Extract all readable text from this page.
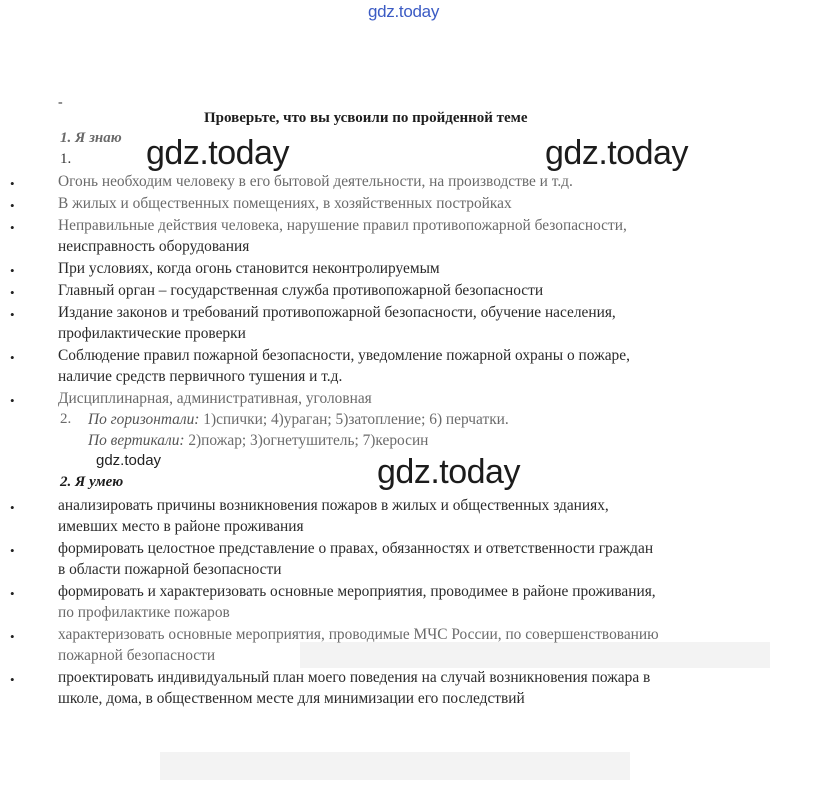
gdz.today
-
Проверьте, что вы усвоили по пройденной теме
1. Я знаю
1.
•	Огонь необходим человеку в его бытовой деятельности, на производстве и т.д.
•	В жилых и общественных помещениях, в хозяйственных постройках
•	Неправильные действия человека, нарушение правил противопожарной безопасности,
неисправность оборудования
•	При условиях, когда огонь становится неконтролируемым
•	Главный орган – государственная служба противопожарной безопасности
•	Издание законов и требований противопожарной безопасности, обучение населения,
профилактические проверки
•	Соблюдение правил пожарной безопасности, уведомление пожарной охраны о пожаре,
наличие средств первичного тушения и т.д.
•	Дисциплинарная, административная, уголовная
2. По горизонтали: 1)спички; 4)ураган; 5)затопление; 6) перчатки.
По вертикали: 2)пожар; 3)огнетушитель; 7)керосин
2. Я умею
•	анализировать причины возникновения пожаров в жилых и общественных зданиях,
имевших место в районе проживания
•	формировать целостное представление о правах, обязанностях и ответственности граждан
в области пожарной безопасности
•	формировать и характеризовать основные мероприятия, проводимее в районе проживания,
по профилактике пожаров
•	характеризовать основные мероприятия, проводимые МЧС России, по совершенствованию
пожарной безопасности
•	проектировать индивидуальный план моего поведения на случай возникновения пожара в
школе, дома, в общественном месте для минимизации его последствий
gdz.today	gdz.today
gdz.today	gdz.today
